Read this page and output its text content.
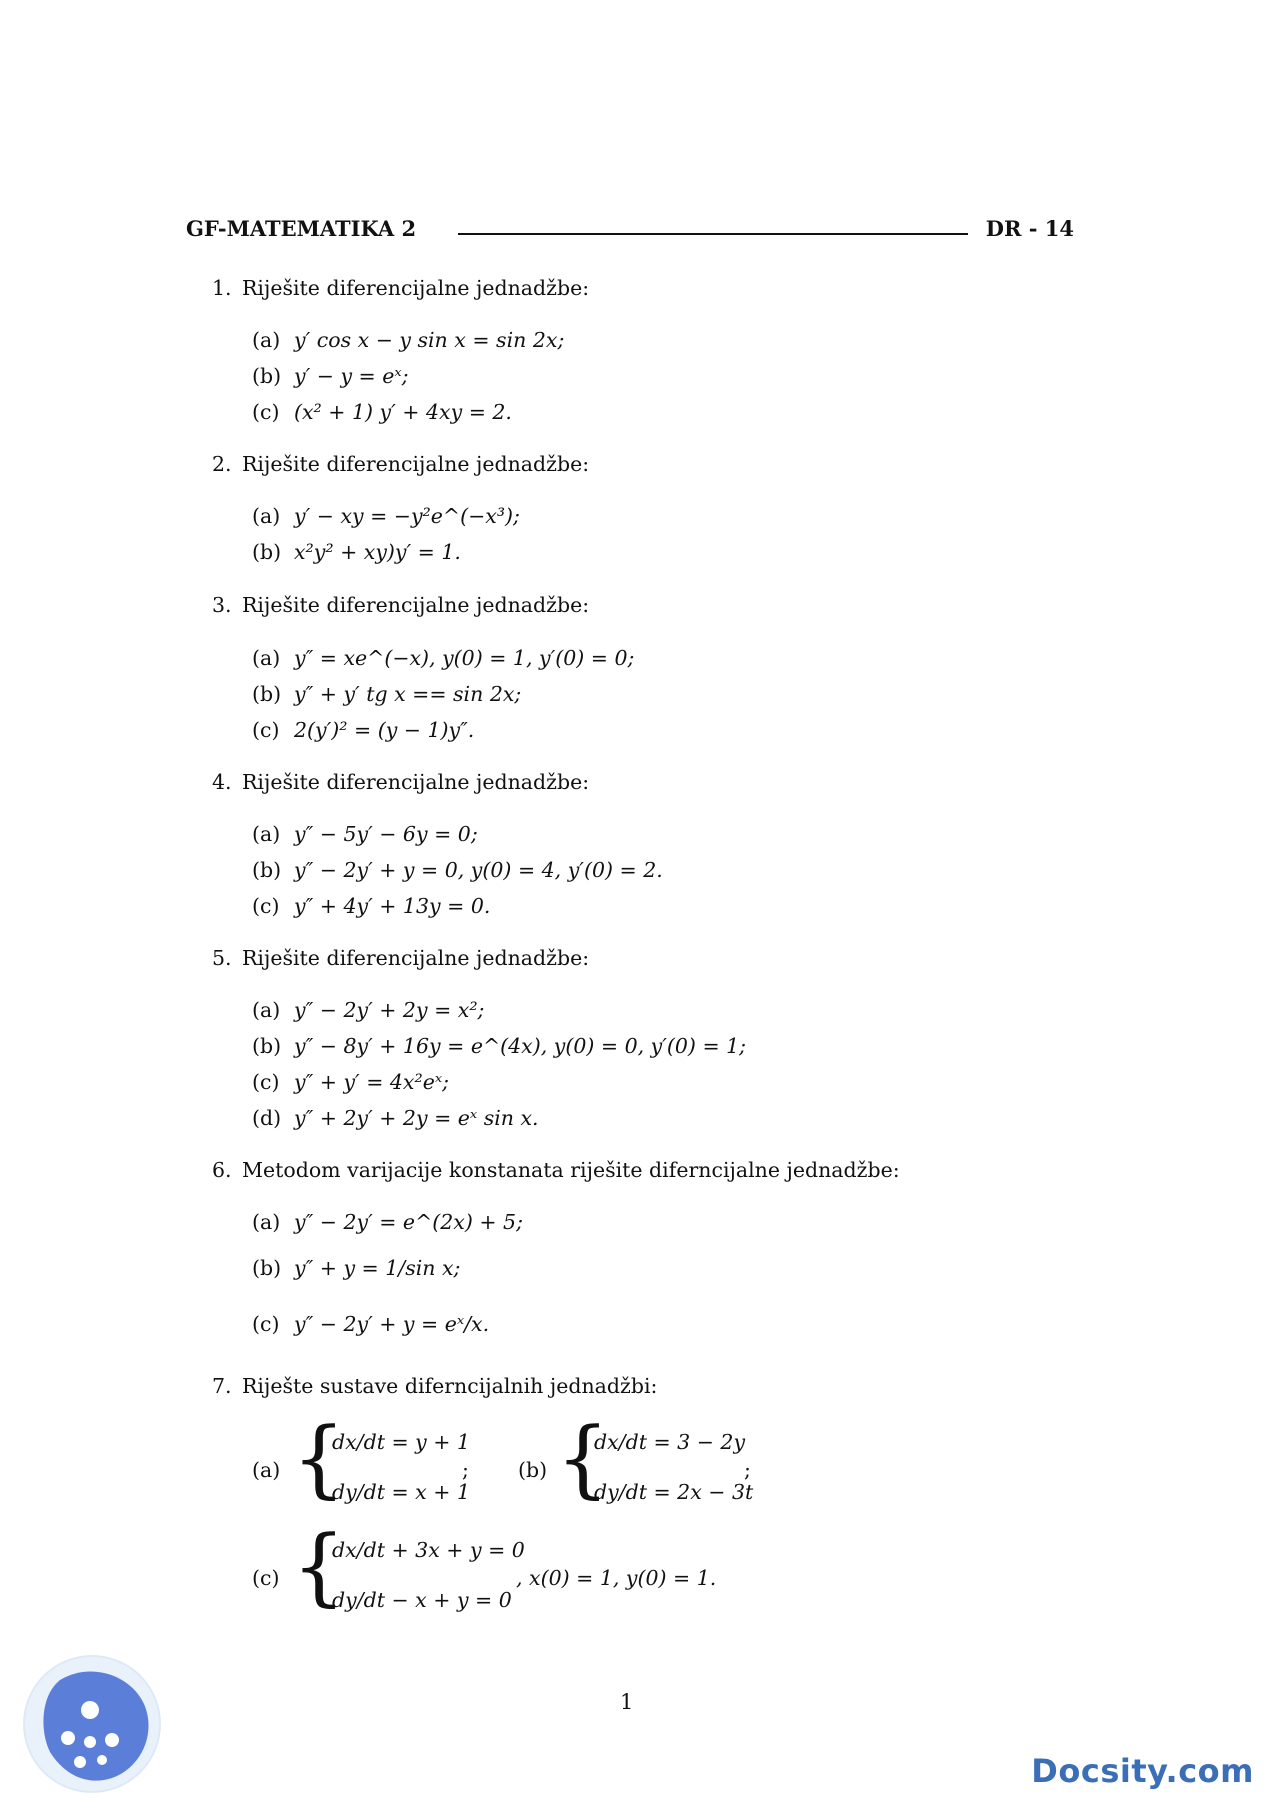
GF-MATEMATIKA 2	DR - 14
1. Riješite diferencijalne jednadžbe:
(a) y′ cos x − y sin x = sin 2x;
(b) y′ − y = eˣ;
(c) (x² + 1) y′ + 4xy = 2.
2. Riješite diferencijalne jednadžbe:
(a) y′ − xy = −y²e^(−x³);
(b) x²y² + xy)y′ = 1.
3. Riješite diferencijalne jednadžbe:
(a) y″ = xe^(−x), y(0) = 1, y′(0) = 0;
(b) y″ + y′ tg x == sin 2x;
(c) 2(y′)² = (y − 1)y″.
4. Riješite diferencijalne jednadžbe:
(a) y″ − 5y′ − 6y = 0;
(b) y″ − 2y′ + y = 0, y(0) = 4, y′(0) = 2.
(c) y″ + 4y′ + 13y = 0.
5. Riješite diferencijalne jednadžbe:
(a) y″ − 2y′ + 2y = x²;
(b) y″ − 8y′ + 16y = e^(4x), y(0) = 0, y′(0) = 1;
(c) y″ + y′ = 4x²eˣ;
(d) y″ + 2y′ + 2y = eˣ sin x.
6. Metodom varijacije konstanata riješite diferncijalne jednadžbe:
(a) y″ − 2y′ = e^(2x) + 5;
(b) y″ + y = 1/sin x;
(c) y″ − 2y′ + y = eˣ/x.
7. Riješte sustave diferncijalnih jednadžbi:
(a) {
dx/dt = y + 1
dy/dt = x + 1
; (b) {
dx/dt = 3 − 2y
dy/dt = 2x − 3t
;
(c) {
dx/dt + 3x + y = 0
dy/dt − x + y = 0
, x(0) = 1, y(0) = 1.
1
Docsity.com
